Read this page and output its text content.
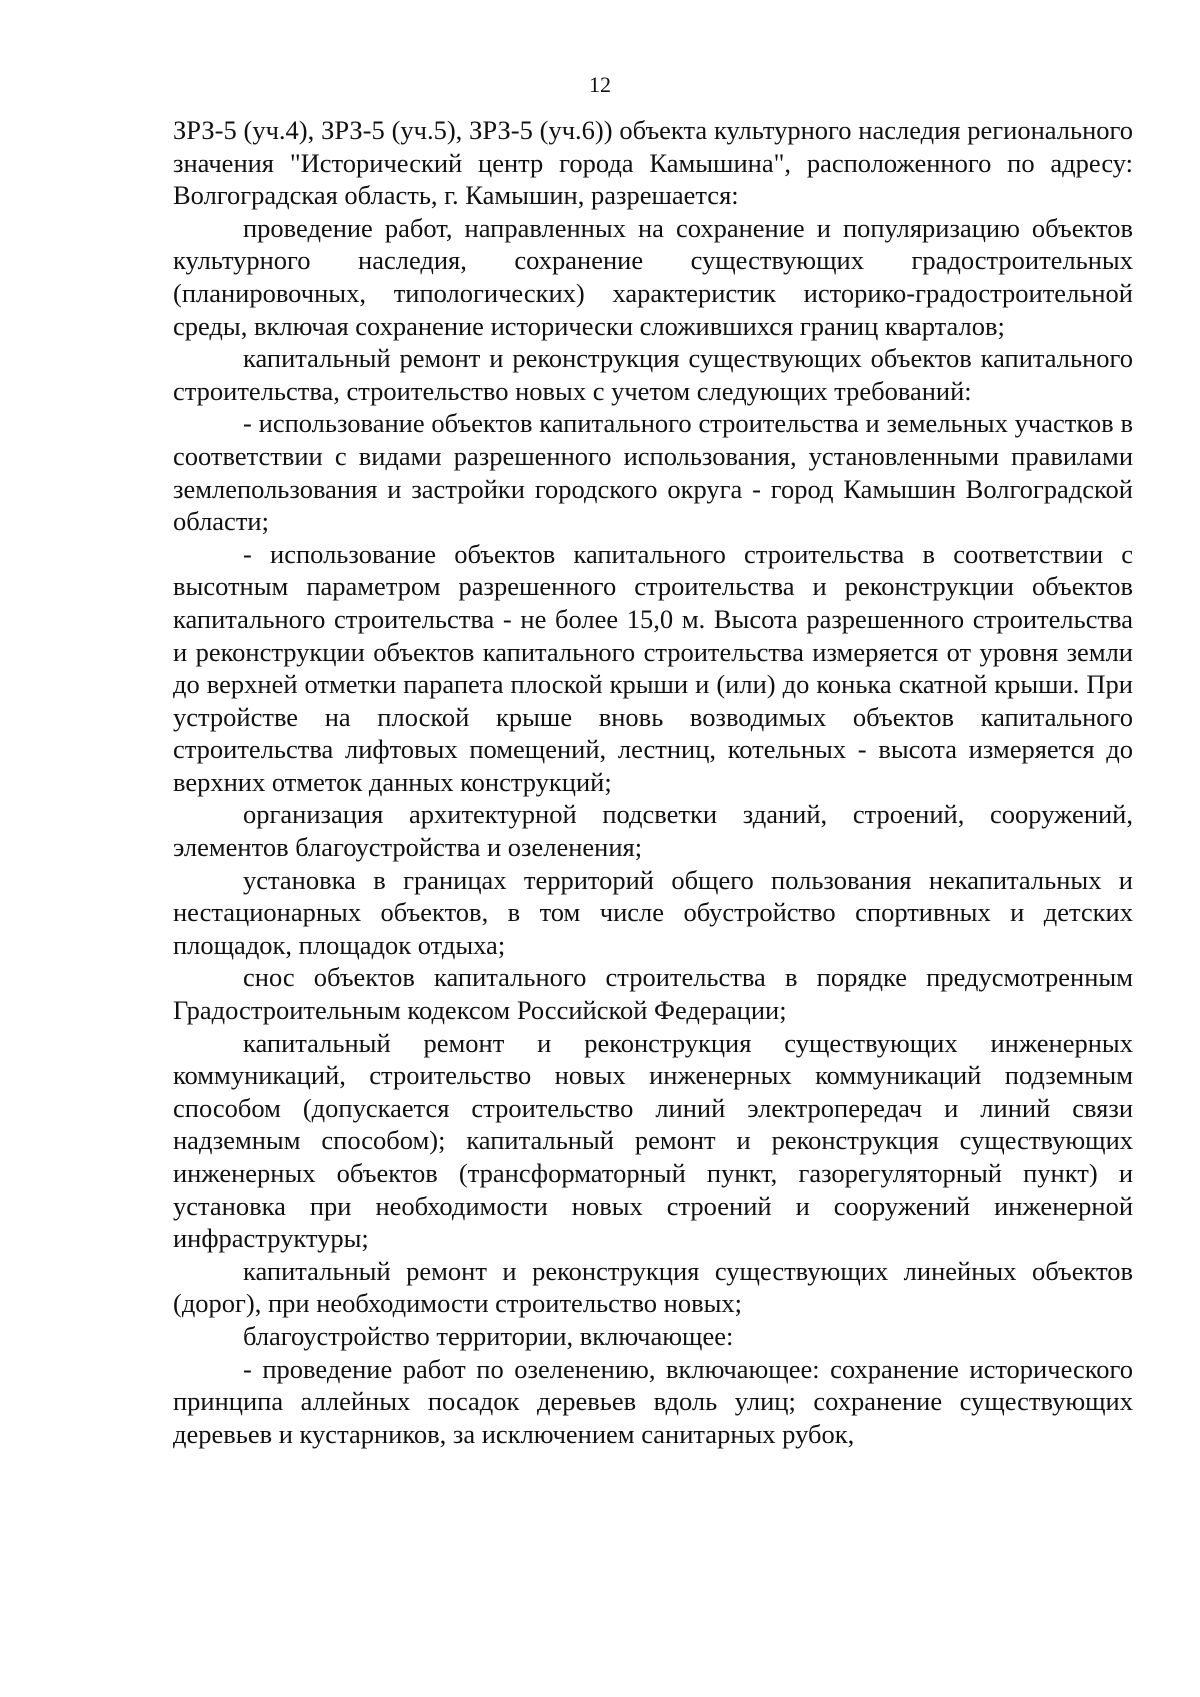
12

ЗРЗ-5 (уч.4), ЗРЗ-5 (уч.5), ЗРЗ-5 (уч.6)) объекта культурного наследия регионального значения "Исторический центр города Камышина", расположенного по адресу: Волгоградская область, г. Камышин, разрешается:

проведение работ, направленных на сохранение и популяризацию объектов культурного наследия, сохранение существующих градостроительных (планировочных, типологических) характеристик историко-градостроительной среды, включая сохранение исторически сложившихся границ кварталов;

капитальный ремонт и реконструкция существующих объектов капитального строительства, строительство новых с учетом следующих требований:

- использование объектов капитального строительства и земельных участков в соответствии с видами разрешенного использования, установленными правилами землепользования и застройки городского округа - город Камышин Волгоградской области;

- использование объектов капитального строительства в соответствии с высотным параметром разрешенного строительства и реконструкции объектов капитального строительства - не более 15,0 м. Высота разрешенного строительства и реконструкции объектов капитального строительства измеряется от уровня земли до верхней отметки парапета плоской крыши и (или) до конька скатной крыши. При устройстве на плоской крыше вновь возводимых объектов капитального строительства лифтовых помещений, лестниц, котельных - высота измеряется до верхних отметок данных конструкций;

организация архитектурной подсветки зданий, строений, сооружений, элементов благоустройства и озеленения;

установка в границах территорий общего пользования некапитальных и нестационарных объектов, в том числе обустройство спортивных и детских площадок, площадок отдыха;

снос объектов капитального строительства в порядке предусмотренным Градостроительным кодексом Российской Федерации;

капитальный ремонт и реконструкция существующих инженерных коммуникаций, строительство новых инженерных коммуникаций подземным способом (допускается строительство линий электропередач и линий связи надземным способом); капитальный ремонт и реконструкция существующих инженерных объектов (трансформаторный пункт, газорегуляторный пункт) и установка при необходимости новых строений и сооружений инженерной инфраструктуры;

капитальный ремонт и реконструкция существующих линейных объектов (дорог), при необходимости строительство новых;

благоустройство территории, включающее:

- проведение работ по озеленению, включающее: сохранение исторического принципа аллейных посадок деревьев вдоль улиц; сохранение существующих деревьев и кустарников, за исключением санитарных рубок,
